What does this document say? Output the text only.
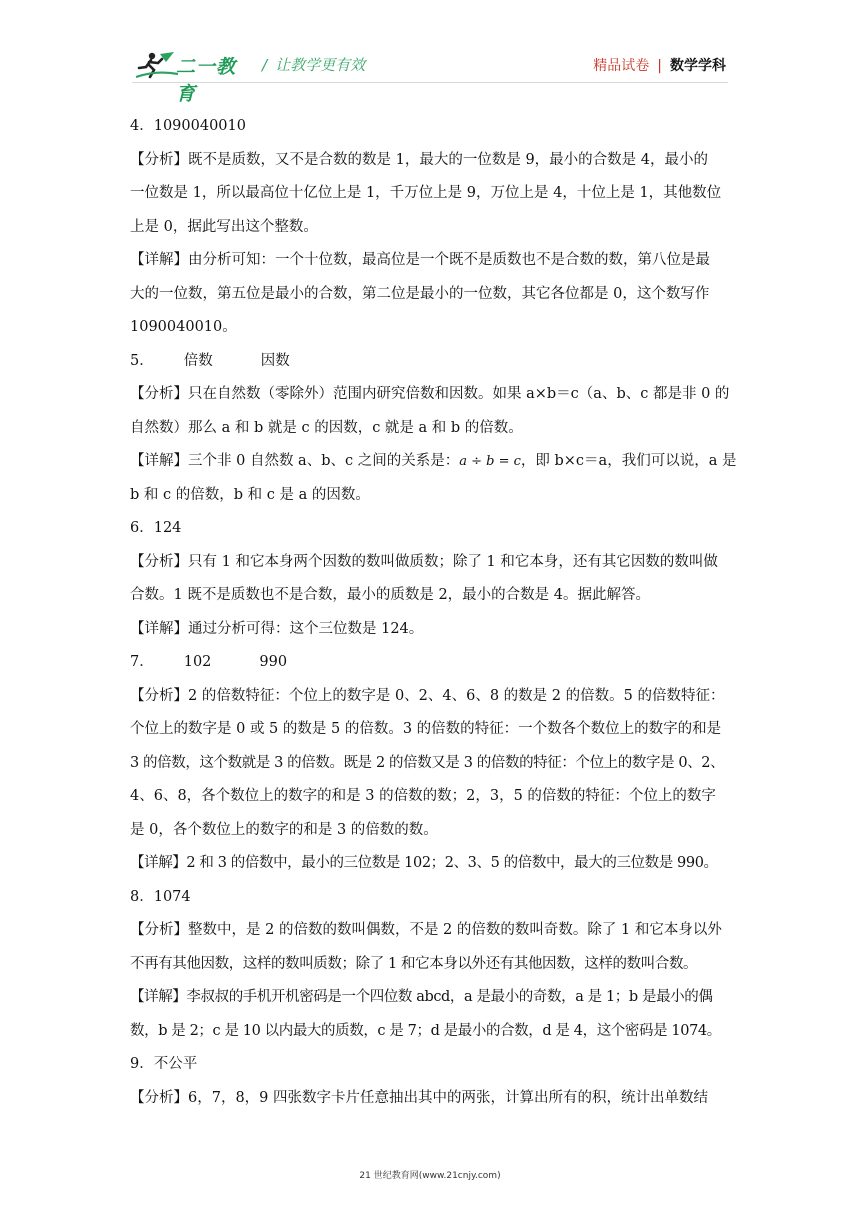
二一教育
/ 让教学更有效	精品试卷 | 数学学科
4．1090040010
【分析】既不是质数，又不是合数的数是 1，最大的一位数是 9，最小的合数是 4，最小的
一位数是 1，所以最高位十亿位上是 1，千万位上是 9，万位上是 4，十位上是 1，其他数位
上是 0，据此写出这个整数。
【详解】由分析可知：一个十位数，最高位是一个既不是质数也不是合数的数，第八位是最
大的一位数，第五位是最小的合数，第二位是最小的一位数，其它各位都是 0，这个数写作
1090040010。
5． 倍数	因数
【分析】只在自然数（零除外）范围内研究倍数和因数。如果 a×b＝c（a、b、c 都是非 0 的
自然数）那么 a 和 b 就是 c 的因数，c 就是 a 和 b 的倍数。
【详解】三个非 0 自然数 a、b、c 之间的关系是：a ÷ b = c，即 b×c＝a，我们可以说，a 是
b 和 c 的倍数，b 和 c 是 a 的因数。
6．124
【分析】只有 1 和它本身两个因数的数叫做质数；除了 1 和它本身，还有其它因数的数叫做
合数。1 既不是质数也不是合数，最小的质数是 2，最小的合数是 4。据此解答。
【详解】通过分析可得：这个三位数是 124。
7． 102	990
【分析】2 的倍数特征：个位上的数字是 0、2、4、6、8 的数是 2 的倍数。5 的倍数特征：
个位上的数字是 0 或 5 的数是 5 的倍数。3 的倍数的特征：一个数各个数位上的数字的和是
3 的倍数，这个数就是 3 的倍数。既是 2 的倍数又是 3 的倍数的特征：个位上的数字是 0、2、
4、6、8，各个数位上的数字的和是 3 的倍数的数；2，3，5 的倍数的特征：个位上的数字
是 0，各个数位上的数字的和是 3 的倍数的数。
【详解】2 和 3 的倍数中，最小的三位数是 102；2、3、5 的倍数中，最大的三位数是 990。
8．1074
【分析】整数中，是 2 的倍数的数叫偶数，不是 2 的倍数的数叫奇数。除了 1 和它本身以外
不再有其他因数，这样的数叫质数；除了 1 和它本身以外还有其他因数，这样的数叫合数。
【详解】李叔叔的手机开机密码是一个四位数 abcd，a 是最小的奇数，a 是 1；b 是最小的偶
数，b 是 2；c 是 10 以内最大的质数，c 是 7；d 是最小的合数，d 是 4，这个密码是 1074。
9．不公平
【分析】6，7，8，9 四张数字卡片任意抽出其中的两张，计算出所有的积，统计出单数结
21 世纪教育网(www.21cnjy.com)
